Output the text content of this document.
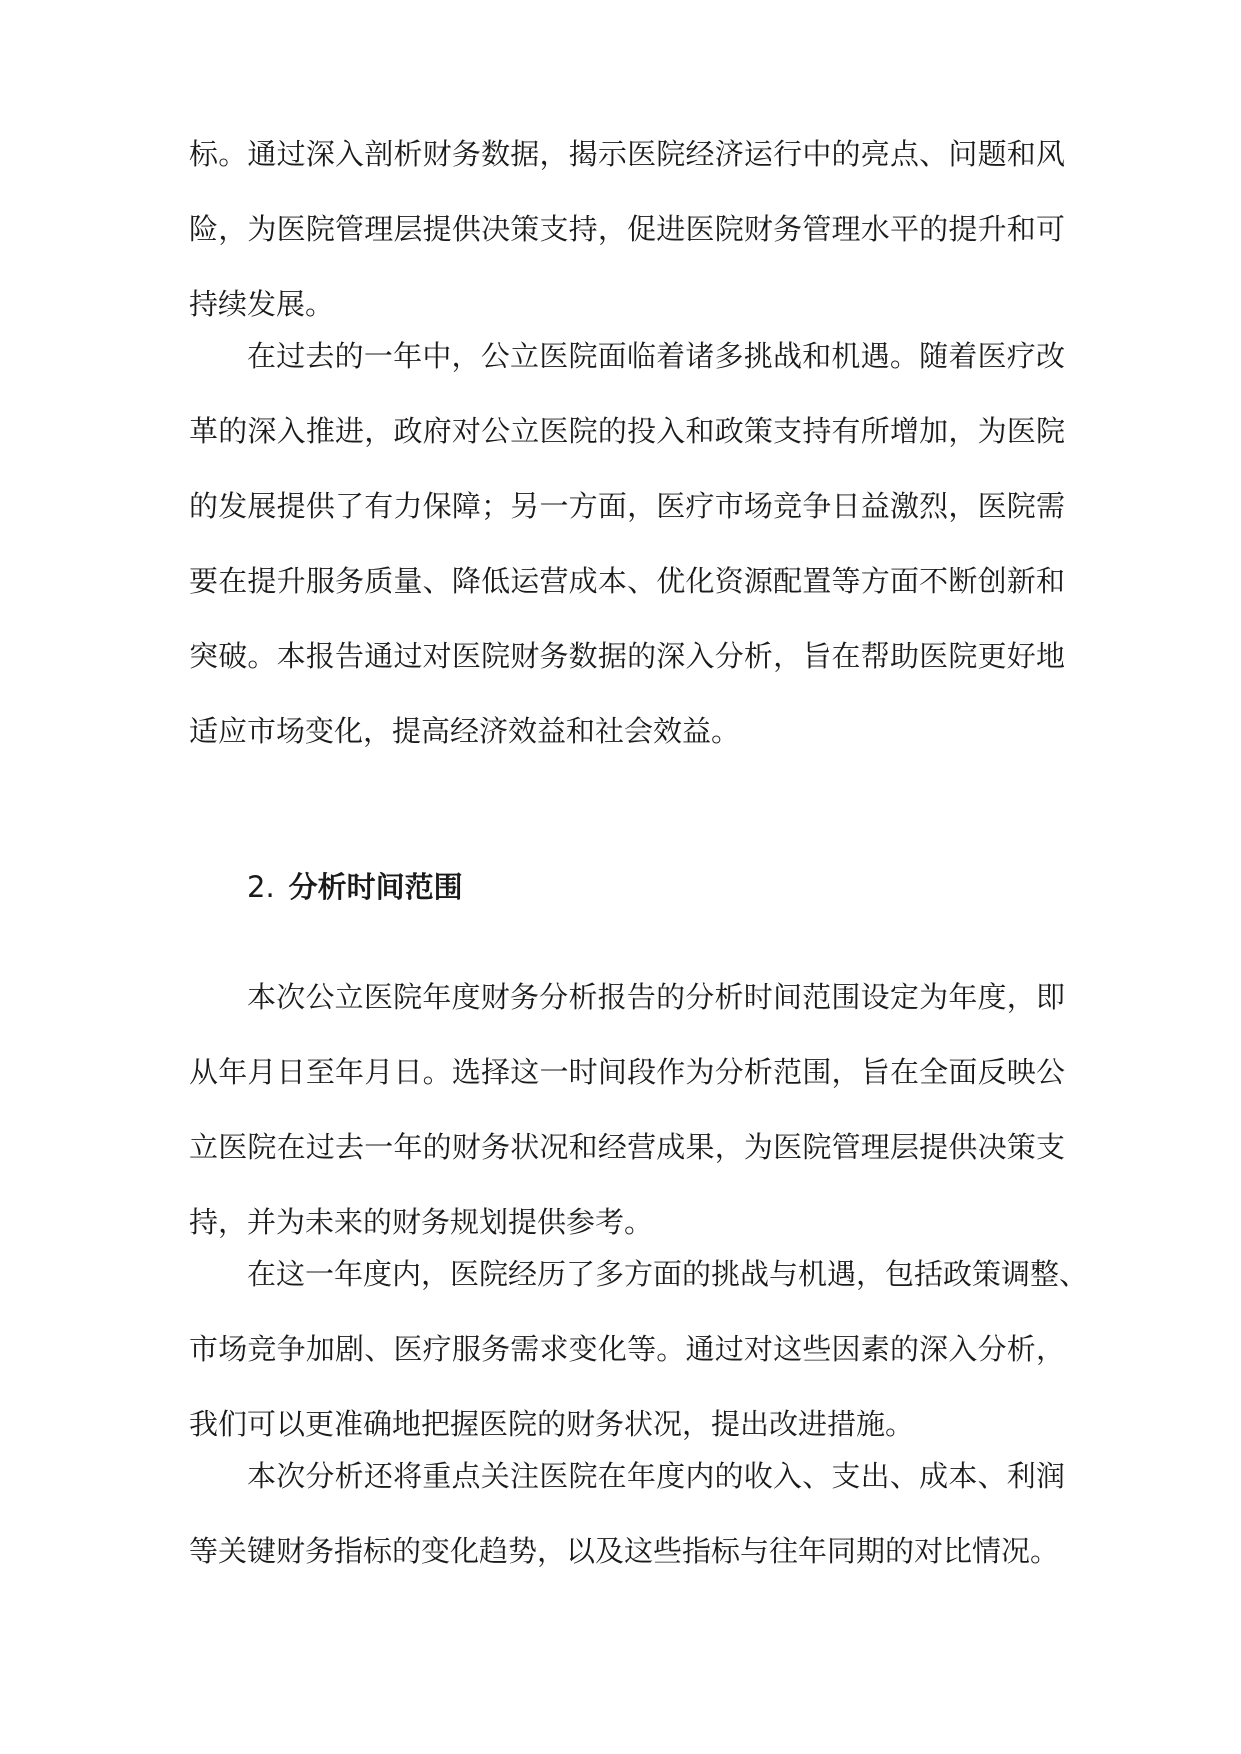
标。通过深入剖析财务数据，揭示医院经济运行中的亮点、问题和风
险，为医院管理层提供决策支持，促进医院财务管理水平的提升和可
持续发展。
在过去的一年中，公立医院面临着诸多挑战和机遇。随着医疗改
革的深入推进，政府对公立医院的投入和政策支持有所增加，为医院
的发展提供了有力保障；另一方面，医疗市场竞争日益激烈，医院需
要在提升服务质量、降低运营成本、优化资源配置等方面不断创新和
突破。本报告通过对医院财务数据的深入分析，旨在帮助医院更好地
适应市场变化，提高经济效益和社会效益。
2. 分析时间范围
本次公立医院年度财务分析报告的分析时间范围设定为年度，即
从年月日至年月日。选择这一时间段作为分析范围，旨在全面反映公
立医院在过去一年的财务状况和经营成果，为医院管理层提供决策支
持，并为未来的财务规划提供参考。
在这一年度内，医院经历了多方面的挑战与机遇，包括政策调整、
市场竞争加剧、医疗服务需求变化等。通过对这些因素的深入分析，
我们可以更准确地把握医院的财务状况，提出改进措施。
本次分析还将重点关注医院在年度内的收入、支出、成本、利润
等关键财务指标的变化趋势，以及这些指标与往年同期的对比情况。
